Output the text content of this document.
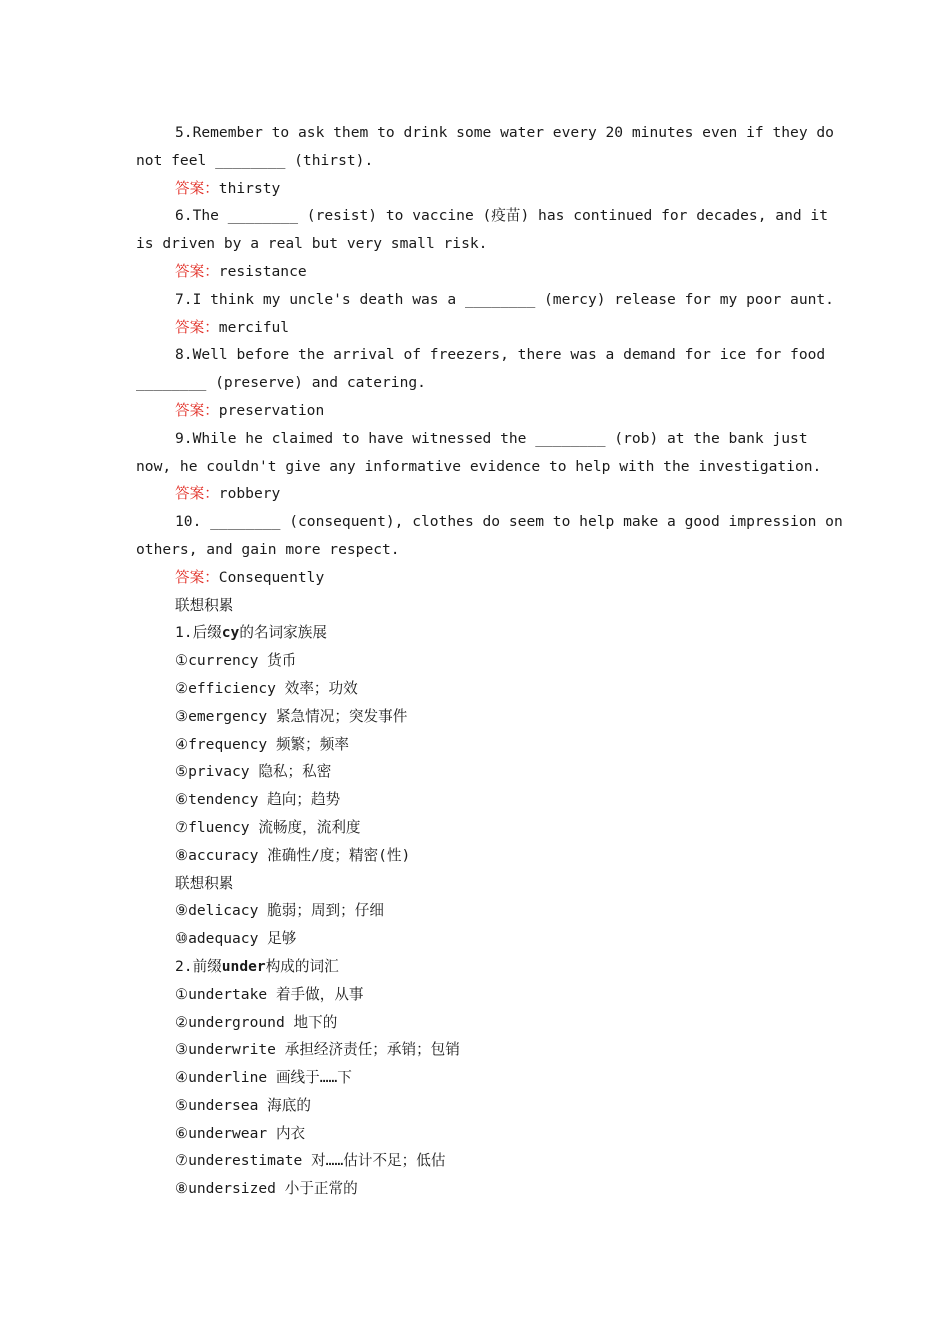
5.Remember to ask them to drink some water every 20 minutes even if they do
not feel ________ (thirst).
答案：thirsty
6.The ________ (resist) to vaccine (疫苗) has continued for decades, and it
is driven by a real but very small risk.
答案：resistance
7.I think my uncle's death was a ________ (mercy) release for my poor aunt.
答案：merciful
8.Well before the arrival of freezers, there was a demand for ice for food
________ (preserve) and catering.
答案：preservation
9.While he claimed to have witnessed the ________ (rob) at the bank just
now, he couldn't give any informative evidence to help with the investigation.
答案：robbery
10. ________ (consequent), clothes do seem to help make a good impression on
others, and gain more respect.
答案：Consequently
联想积累
1.后缀cy的名词家族展
①currency 货币
②efficiency 效率；功效
③emergency 紧急情况；突发事件
④frequency 频繁；频率
⑤privacy 隐私；私密
⑥tendency 趋向；趋势
⑦fluency 流畅度，流利度
⑧accuracy 准确性/度；精密(性)
联想积累
⑨delicacy 脆弱；周到；仔细
⑩adequacy 足够
2.前缀under构成的词汇
①undertake 着手做，从事
②underground 地下的
③underwrite 承担经济责任；承销；包销
④underline 画线于……下
⑤undersea 海底的
⑥underwear 内衣
⑦underestimate 对……估计不足；低估
⑧undersized 小于正常的
